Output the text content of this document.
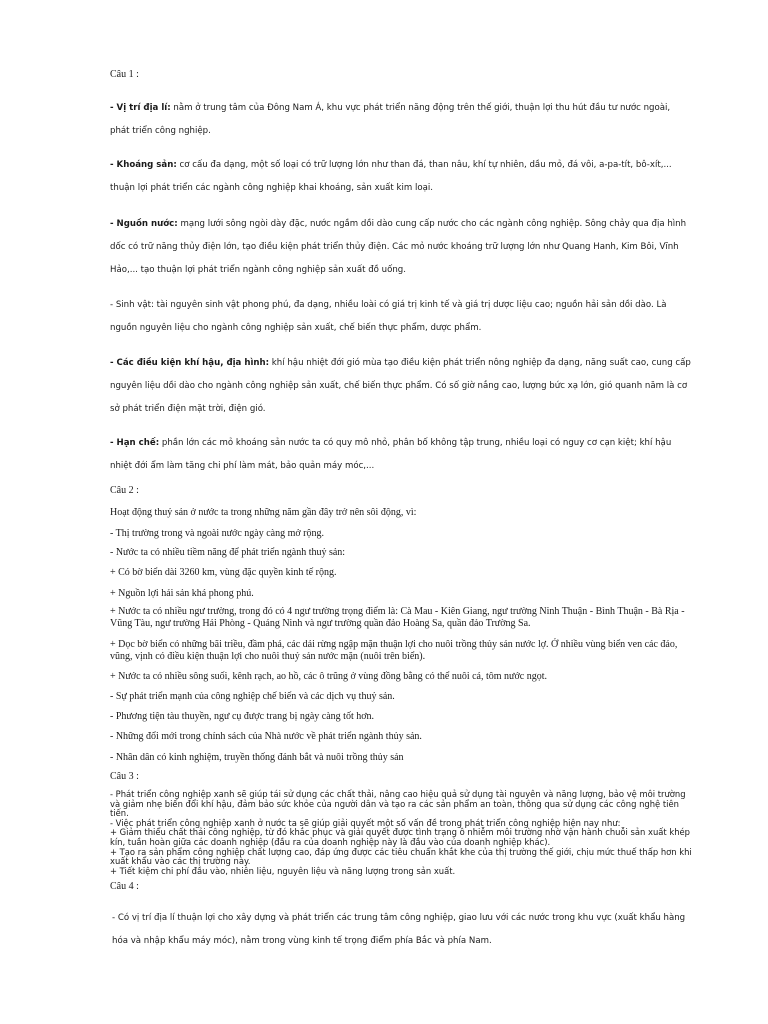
Câu 1 :

- Vị trí địa lí: nằm ở trung tâm của Đông Nam Á, khu vực phát triển năng động trên thế giới, thuận lợi thu hút đầu tư nước ngoài, phát triển công nghiệp.

- Khoáng sản: cơ cấu đa dạng, một số loại có trữ lượng lớn như than đá, than nâu, khí tự nhiên, dầu mỏ, đá vôi, a-pa-tít, bô-xít,... thuận lợi phát triển các ngành công nghiệp khai khoáng, sản xuất kim loại.

- Nguồn nước: mạng lưới sông ngòi dày đặc, nước ngầm dồi dào cung cấp nước cho các ngành công nghiệp. Sông chảy qua địa hình dốc có trữ năng thủy điện lớn, tạo điều kiện phát triển thủy điện. Các mỏ nước khoáng trữ lượng lớn như Quang Hanh, Kim Bôi, Vĩnh Hảo,... tạo thuận lợi phát triển ngành công nghiệp sản xuất đồ uống.

- Sinh vật: tài nguyên sinh vật phong phú, đa dạng, nhiều loài có giá trị kinh tế và giá trị dược liệu cao; nguồn hải sản dồi dào. Là nguồn nguyên liệu cho ngành công nghiệp sản xuất, chế biến thực phẩm, dược phẩm.

- Các điều kiện khí hậu, địa hình: khí hậu nhiệt đới gió mùa tạo điều kiện phát triển nông nghiệp đa dạng, năng suất cao, cung cấp nguyên liệu dồi dào cho ngành công nghiệp sản xuất, chế biến thực phẩm. Có số giờ nắng cao, lượng bức xạ lớn, gió quanh năm là cơ sở phát triển điện mặt trời, điện gió.

- Hạn chế: phần lớn các mỏ khoáng sản nước ta có quy mô nhỏ, phân bố không tập trung, nhiều loại có nguy cơ cạn kiệt; khí hậu nhiệt đới ẩm làm tăng chi phí làm mát, bảo quản máy móc,...

Câu 2 :

Hoạt động thuỷ sản ở nước ta trong những năm gần đây trở nên sôi động, vì:

- Thị trường trong và ngoài nước ngày càng mở rộng.

- Nước ta có nhiều tiềm năng để phát triển ngành thuỷ sản:

+ Có bờ biển dài 3260 km, vùng đặc quyền kinh tế rộng.

+ Nguồn lợi hải sản khá phong phú.

+ Nước ta có nhiều ngư trường, trong đó có 4 ngư trường trọng điểm là: Cà Mau - Kiên Giang, ngư trường Ninh Thuận - Bình Thuận - Bà Rịa - Vũng Tàu, ngư trường Hải Phòng - Quảng Ninh và ngư trường quần đảo Hoàng Sa, quần đảo Trường Sa.

+ Dọc bờ biển có những bãi triều, đầm phá, các dải rừng ngập mặn thuận lợi cho nuôi trồng thủy sản nước lợ. Ở nhiều vùng biển ven các đảo, vũng, vịnh có điều kiện thuận lợi cho nuôi thuỷ sản nước mặn (nuôi trên biển).

+ Nước ta có nhiều sông suối, kênh rạch, ao hồ, các ô trũng ở vùng đồng bằng có thể nuôi cá, tôm nước ngọt.

- Sự phát triển mạnh của công nghiệp chế biến và các dịch vụ thuỷ sản.

- Phương tiện tàu thuyền, ngư cụ được trang bị ngày càng tốt hơn.

- Những đổi mới trong chính sách của Nhà nước về phát triển ngành thủy sản.

- Nhân dân có kinh nghiệm, truyền thống đánh bắt và nuôi trồng thủy sản

Câu 3 :

- Phát triển công nghiệp xanh sẽ giúp tái sử dụng các chất thải, nâng cao hiệu quả sử dụng tài nguyên và năng lượng, bảo vệ môi trường và giảm nhẹ biến đổi khí hậu, đảm bảo sức khỏe của người dân và tạo ra các sản phẩm an toàn, thông qua sử dụng các công nghệ tiên tiến.
- Việc phát triển công nghiệp xanh ở nước ta sẽ giúp giải quyết một số vấn đề trong phát triển công nghiệp hiện nay như:
+ Giảm thiểu chất thải công nghiệp, từ đó khắc phục và giải quyết được tình trạng ô nhiễm môi trường nhờ vận hành chuỗi sản xuất khép kín, tuần hoàn giữa các doanh nghiệp (đầu ra của doanh nghiệp này là đầu vào của doanh nghiệp khác).
+ Tạo ra sản phẩm công nghiệp chất lượng cao, đáp ứng được các tiêu chuẩn khắt khe của thị trường thế giới, chịu mức thuế thấp hơn khi xuất khẩu vào các thị trường này.
+ Tiết kiệm chi phí đầu vào, nhiên liệu, nguyên liệu và năng lượng trong sản xuất.

Câu 4 :

- Có vị trí địa lí thuận lợi cho xây dựng và phát triển các trung tâm công nghiệp, giao lưu với các nước trong khu vực (xuất khẩu hàng hóa và nhập khẩu máy móc), nằm trong vùng kinh tế trọng điểm phía Bắc và phía Nam.
